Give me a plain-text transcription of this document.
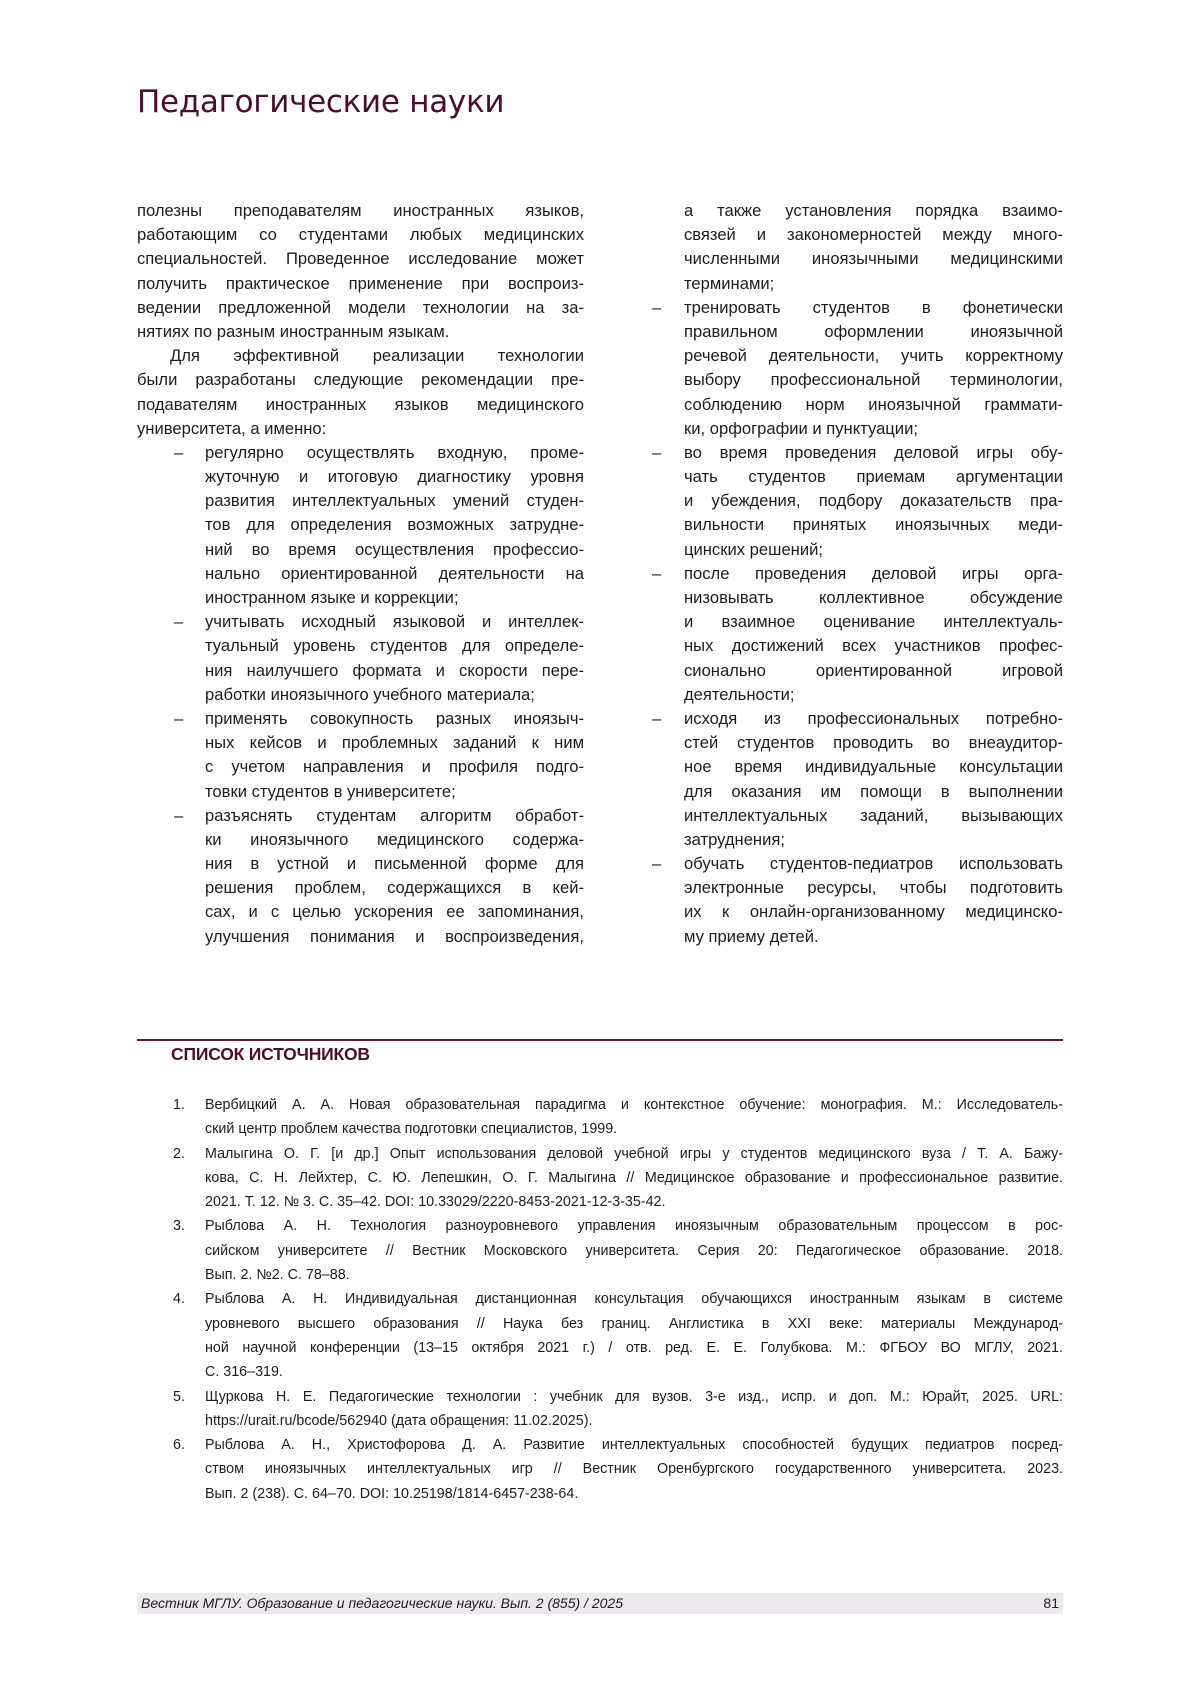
Педагогические науки
полезны преподавателям иностранных языков,
работающим со студентами любых медицинских
специальностей. Проведенное исследование может
получить практическое применение при воспроиз-
ведении предложенной модели технологии на за-
нятиях по разным иностранным языкам.
Для эффективной реализации технологии
были разработаны следующие рекомендации пре-
подавателям иностранных языков медицинского
университета, а именно:
– регулярно осуществлять входную, проме-
жуточную и итоговую диагностику уровня
развития интеллектуальных умений студен-
тов для определения возможных затрудне-
ний во время осуществления профессио-
нально ориентированной деятельности на
иностранном языке и коррекции;
– учитывать исходный языковой и интеллек-
туальный уровень студентов для определе-
ния наилучшего формата и скорости пере-
работки иноязычного учебного материала;
– применять совокупность разных иноязыч-
ных кейсов и проблемных заданий к ним
с учетом направления и профиля подго-
товки студентов в университете;
– разъяснять студентам алгоритм обработ-
ки иноязычного медицинского содержа-
ния в устной и письменной форме для
решения проблем, содержащихся в кей-
сах, и с целью ускорения ее запоминания,
улучшения понимания и воспроизведения,
а также установления порядка взаимо-
связей и закономерностей между много-
численными иноязычными медицинскими
терминами;
– тренировать студентов в фонетически
правильном оформлении иноязычной
речевой деятельности, учить корректному
выбору профессиональной терминологии,
соблюдению норм иноязычной граммати-
ки, орфографии и пунктуации;
– во время проведения деловой игры обу-
чать студентов приемам аргументации
и убеждения, подбору доказательств пра-
вильности принятых иноязычных меди-
цинских решений;
– после проведения деловой игры орга-
низовывать коллективное обсуждение
и взаимное оценивание интеллектуаль-
ных достижений всех участников профес-
сионально ориентированной игровой
деятельности;
– исходя из профессиональных потребно-
стей студентов проводить во внеаудитор-
ное время индивидуальные консультации
для оказания им помощи в выполнении
интеллектуальных заданий, вызывающих
затруднения;
– обучать студентов-педиатров использовать
электронные ресурсы, чтобы подготовить
их к онлайн-организованному медицинско-
му приему детей.
СПИСОК ИСТОЧНИКОВ
1. Вербицкий А. А. Новая образовательная парадигма и контекстное обучение: монография. М.: Исследователь-
ский центр проблем качества подготовки специалистов, 1999.
2. Малыгина О. Г. [и др.] Опыт использования деловой учебной игры у студентов медицинского вуза / Т. А. Бажу-
кова, С. Н. Лейхтер, С. Ю. Лепешкин, О. Г. Малыгина // Медицинское образование и профессиональное развитие.
2021. Т. 12. № 3. С. 35–42. DOI: 10.33029/2220-8453-2021-12-3-35-42.
3. Рыблова А. Н. Технология разноуровневого управления иноязычным образовательным процессом в рос-
сийском университете // Вестник Московского университета. Серия 20: Педагогическое образование. 2018.
Вып. 2. №2. С. 78–88.
4. Рыблова А. Н. Индивидуальная дистанционная консультация обучающихся иностранным языкам в системе
уровневого высшего образования // Наука без границ. Англистика в XXI веке: материалы Международ-
ной научной конференции (13–15 октября 2021 г.) / отв. ред. Е. Е. Голубкова. М.: ФГБОУ ВО МГЛУ, 2021.
С. 316–319.
5. Щуркова Н. Е. Педагогические технологии : учебник для вузов. 3-е изд., испр. и доп. М.: Юрайт, 2025. URL:
https://urait.ru/bcode/562940 (дата обращения: 11.02.2025).
6. Рыблова А. Н., Христофорова Д. А. Развитие интеллектуальных способностей будущих педиатров посред-
ством иноязычных интеллектуальных игр // Вестник Оренбургского государственного университета. 2023.
Вып. 2 (238). С. 64–70. DOI: 10.25198/1814-6457-238-64.
Вестник МГЛУ. Образование и педагогические науки. Вып. 2 (855) / 2025	81
